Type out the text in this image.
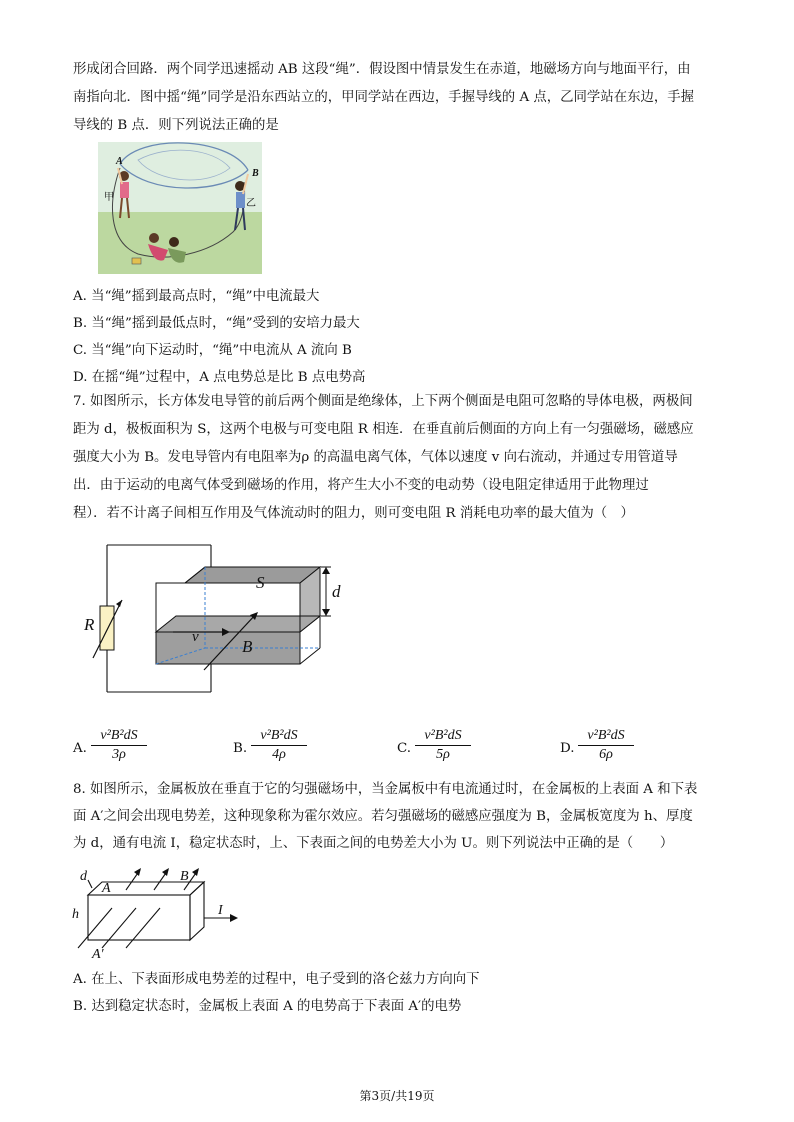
形成闭合回路．两个同学迅速摇动 AB 这段“绳”．假设图中情景发生在赤道，地磁场方向与地面平行，由
南指向北．图中摇“绳”同学是沿东西站立的，甲同学站在西边，手握导线的 A 点，乙同学站在东边，手握
导线的 B 点．则下列说法正确的是
A
B
甲
乙
A. 当“绳”摇到最高点时，“绳”中电流最大
B. 当“绳”摇到最低点时，“绳”受到的安培力最大
C. 当“绳”向下运动时，“绳”中电流从 A 流向 B
D. 在摇“绳”过程中，A 点电势总是比 B 点电势高
7. 如图所示，长方体发电导管的前后两个侧面是绝缘体，上下两个侧面是电阻可忽略的导体电极，两极间
距为 d，极板面积为 S，这两个电极与可变电阻 R 相连．在垂直前后侧面的方向上有一匀强磁场，磁感应
强度大小为 B。发电导管内有电阻率为ρ 的高温电离气体，气体以速度 v 向右流动，并通过专用管道导
出．由于运动的电离气体受到磁场的作用，将产生大小不变的电动势（设电阻定律适用于此物理过
程）．若不计离子间相互作用及气体流动时的阻力，则可变电阻 R 消耗电功率的最大值为（　）
R
S	d
v	B
A. $\frac{\text{v²B²dS}}{3\rho}$	B. $\frac{\text{v²B²dS}}{4\rho}$	C. $\frac{\text{v²B²dS}}{5\rho}$	D. $\frac{\text{v²B²dS}}{6\rho}$
8. 如图所示，金属板放在垂直于它的匀强磁场中，当金属板中有电流通过时，在金属板的上表面 A 和下表
面 A′之间会出现电势差，这种现象称为霍尔效应。若匀强磁场的磁感应强度为 B，金属板宽度为 h、厚度
为 d，通有电流 I，稳定状态时，上、下表面之间的电势差大小为 U。则下列说法中正确的是（　　）
d
A
B
h	I
A′
A. 在上、下表面形成电势差的过程中，电子受到的洛仑兹力方向向下
B. 达到稳定状态时，金属板上表面 A 的电势高于下表面 A′的电势
第3页/共19页
